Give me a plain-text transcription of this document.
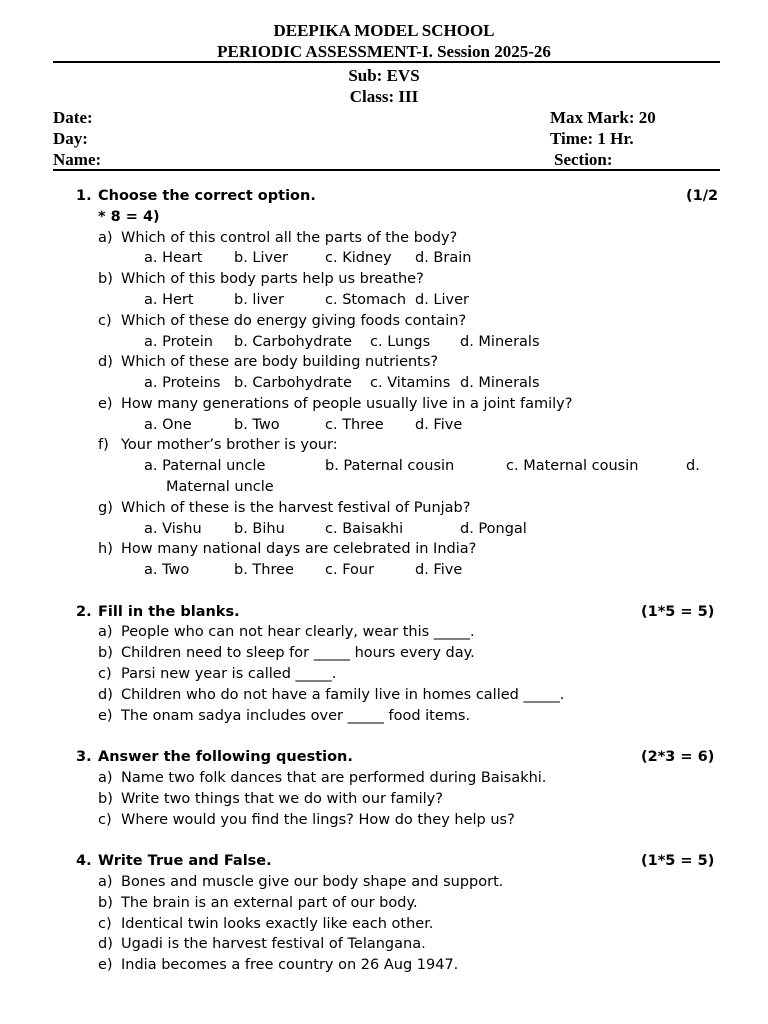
DEEPIKA MODEL SCHOOL
PERIODIC ASSESSMENT-I. Session 2025-26
Sub: EVS
Class: III
Date:
Day:
Name:
Max Mark: 20
Time: 1 Hr.
Section:
1. Choose the correct option.	(1/2
* 8 = 4)
a) Which of this control all the parts of the body?
a. Heart b. Liver	c. Kidney d. Brain
b) Which of this body parts help us breathe?
a. Hert	b. liver	c. Stomach d. Liver
c) Which of these do energy giving foods contain?
a. Protein b. Carbohydrate c. Lungs d. Minerals
d) Which of these are body building nutrients?
a. Proteins b. Carbohydrate c. Vitamins d. Minerals
e) How many generations of people usually live in a joint family?
a. One	b. Two	c. Three d. Five
f) Your mother’s brother is your:
a. Paternal uncle	b. Paternal cousin	c. Maternal cousin	d.
Maternal uncle
g) Which of these is the harvest festival of Punjab?
a. Vishu b. Bihu	c. Baisakhi	d. Pongal
h) How many national days are celebrated in India?
a. Two	b. Three c. Four	d. Five
2. Fill in the blanks.	(1*5 = 5)
a) People who can not hear clearly, wear this _____.
b) Children need to sleep for _____ hours every day.
c) Parsi new year is called _____.
d) Children who do not have a family live in homes called _____.
e) The onam sadya includes over _____ food items.
3. Answer the following question.	(2*3 = 6)
a) Name two folk dances that are performed during Baisakhi.
b) Write two things that we do with our family?
c) Where would you find the lings? How do they help us?
4. Write True and False.	(1*5 = 5)
a) Bones and muscle give our body shape and support.
b) The brain is an external part of our body.
c) Identical twin looks exactly like each other.
d) Ugadi is the harvest festival of Telangana.
e) India becomes a free country on 26 Aug 1947.
